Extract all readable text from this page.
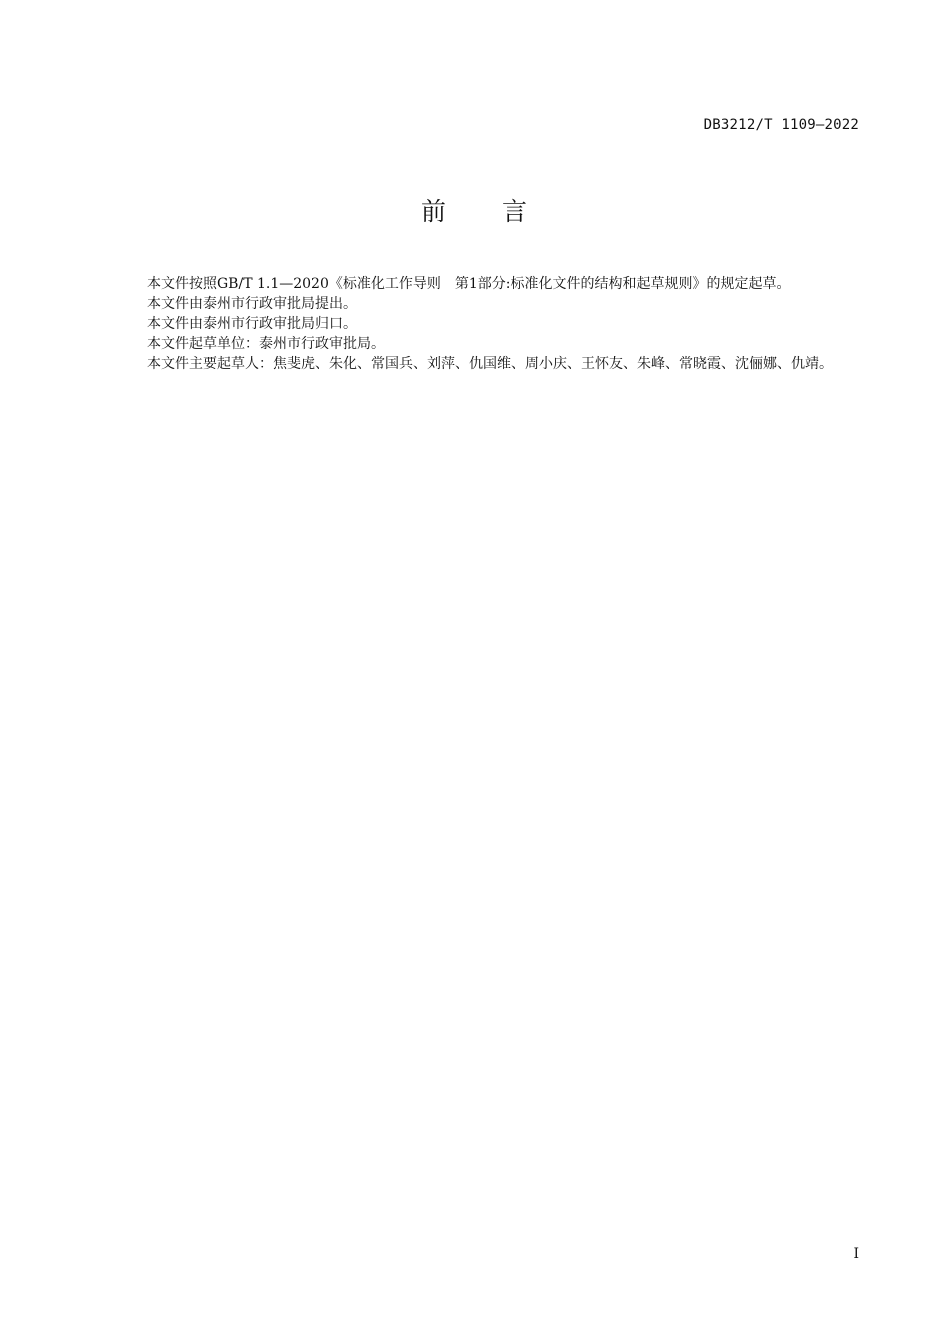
DB3212/T 1109—2022
前　　言

本文件按照GB/T 1.1—2020《标准化工作导则　第1部分:标准化文件的结构和起草规则》的规定起草。

本文件由泰州市行政审批局提出。

本文件由泰州市行政审批局归口。

本文件起草单位：泰州市行政审批局。

本文件主要起草人：焦斐虎、朱化、常国兵、刘萍、仇国维、周小庆、王怀友、朱峰、常晓霞、沈俪娜、仇靖。

I
